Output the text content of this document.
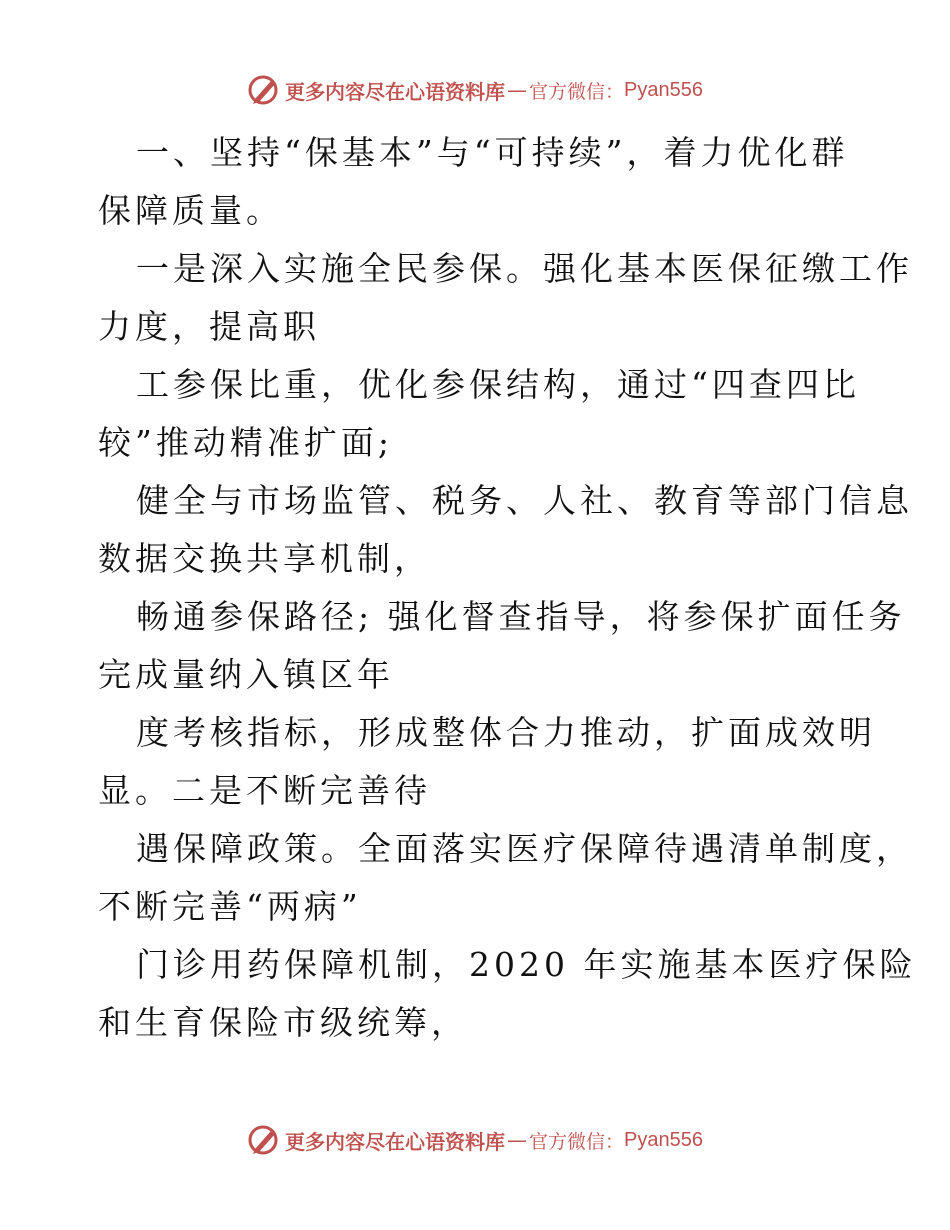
更多内容尽在心语资料库 — 官方微信： Pyan556
一、坚持“保基本”与“可持续”，着力优化群
保障质量。
一是深入实施全民参保。强化基本医保征缴工作
力度，提高职
工参保比重，优化参保结构，通过“四查四比
较”推动精准扩面;
健全与市场监管、税务、人社、教育等部门信息
数据交换共享机制，
畅通参保路径; 强化督查指导，将参保扩面任务
完成量纳入镇区年
度考核指标，形成整体合力推动，扩面成效明
显。二是不断完善待
遇保障政策。全面落实医疗保障待遇清单制度，
不断完善“两病”
门诊用药保障机制，2020 年实施基本医疗保险
和生育保险市级统筹，
更多内容尽在心语资料库 — 官方微信： Pyan556
